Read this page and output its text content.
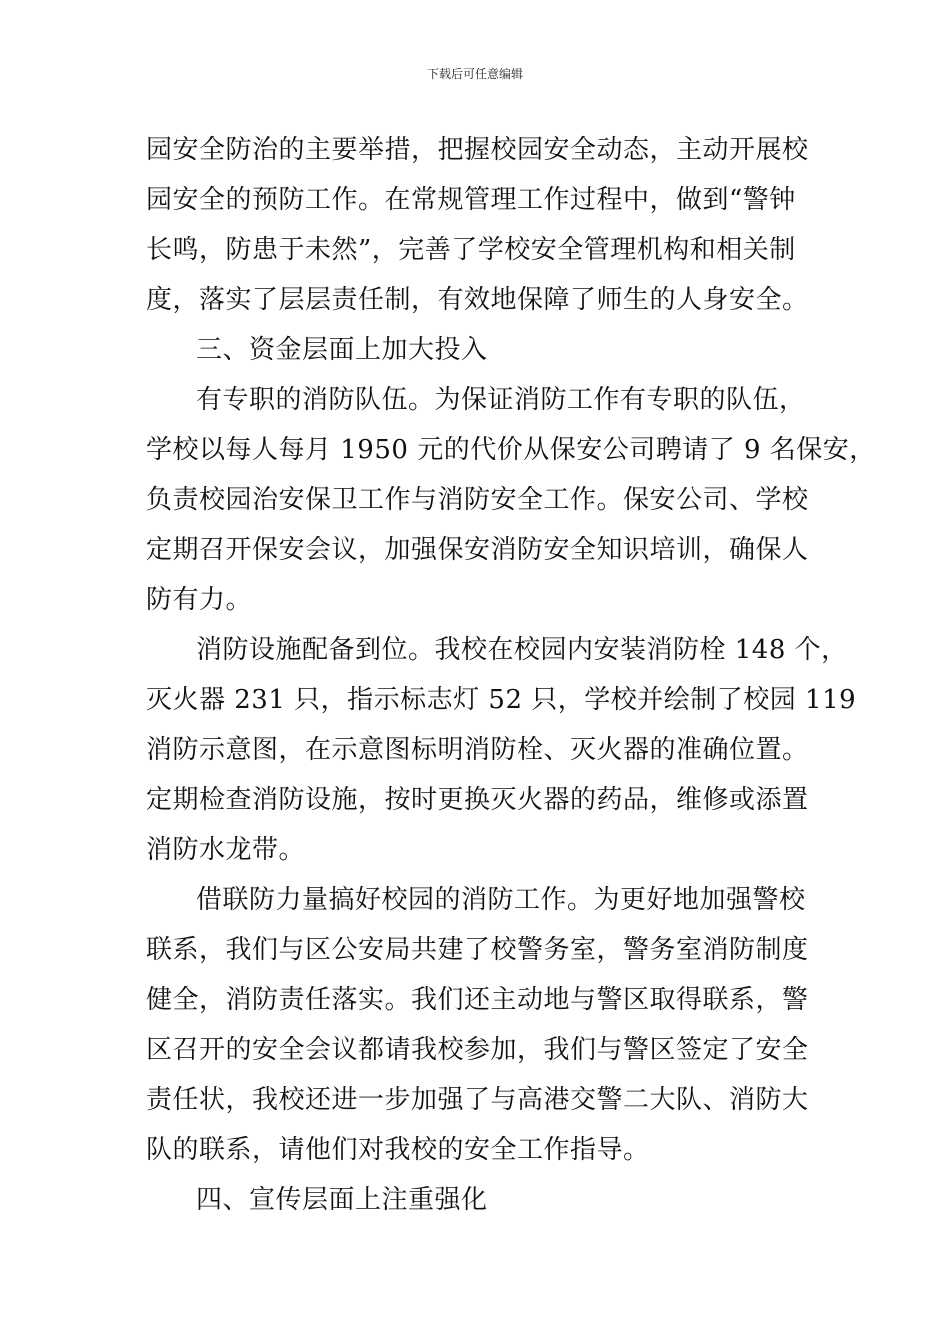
下载后可任意编辑
园安全防治的主要举措，把握校园安全动态，主动开展校
园安全的预防工作。在常规管理工作过程中，做到“警钟
长鸣，防患于未然”，完善了学校安全管理机构和相关制
度，落实了层层责任制，有效地保障了师生的人身安全。
三、资金层面上加大投入
有专职的消防队伍。为保证消防工作有专职的队伍，
学校以每人每月 1950 元的代价从保安公司聘请了 9 名保安，
负责校园治安保卫工作与消防安全工作。保安公司、学校
定期召开保安会议，加强保安消防安全知识培训，确保人
防有力。
消防设施配备到位。我校在校园内安装消防栓 148 个，
灭火器 231 只，指示标志灯 52 只，学校并绘制了校园 119
消防示意图，在示意图标明消防栓、灭火器的准确位置。
定期检查消防设施，按时更换灭火器的药品，维修或添置
消防水龙带。
借联防力量搞好校园的消防工作。为更好地加强警校
联系，我们与区公安局共建了校警务室，警务室消防制度
健全，消防责任落实。我们还主动地与警区取得联系，警
区召开的安全会议都请我校参加，我们与警区签定了安全
责任状，我校还进一步加强了与高港交警二大队、消防大
队的联系，请他们对我校的安全工作指导。
四、宣传层面上注重强化
